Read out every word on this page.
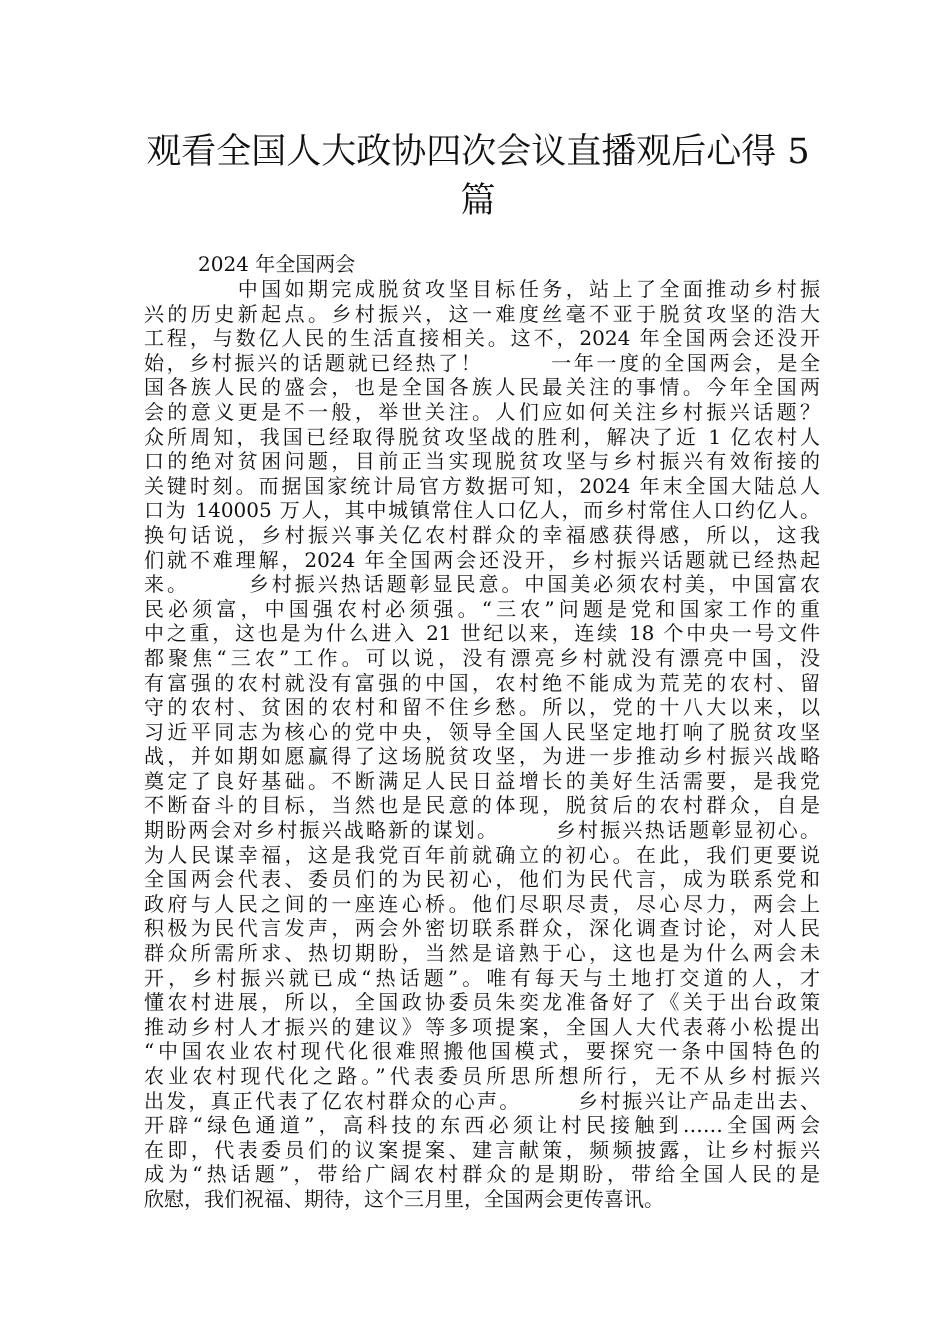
观看全国人大政协四次会议直播观后心得 5
篇
2024 年全国两会
　　　　中国如期完成脱贫攻坚目标任务，站上了全面推动乡村振
兴的历史新起点。乡村振兴，这一难度丝毫不亚于脱贫攻坚的浩大
工程，与数亿人民的生活直接相关。这不，2024 年全国两会还没开
始，乡村振兴的话题就已经热了！　　　一年一度的全国两会，是全
国各族人民的盛会，也是全国各族人民最关注的事情。今年全国两
会的意义更是不一般，举世关注。人们应如何关注乡村振兴话题？
众所周知，我国已经取得脱贫攻坚战的胜利，解决了近 1 亿农村人
口的绝对贫困问题，目前正当实现脱贫攻坚与乡村振兴有效衔接的
关键时刻。而据国家统计局官方数据可知，2024 年末全国大陆总人
口为 140005 万人，其中城镇常住人口亿人，而乡村常住人口约亿人。
换句话说，乡村振兴事关亿农村群众的幸福感获得感，所以，这我
们就不难理解，2024 年全国两会还没开，乡村振兴话题就已经热起
来。　　　乡村振兴热话题彰显民意。中国美必须农村美，中国富农
民必须富，中国强农村必须强。“三农”问题是党和国家工作的重
中之重，这也是为什么进入 21 世纪以来，连续 18 个中央一号文件
都聚焦“三农”工作。可以说，没有漂亮乡村就没有漂亮中国，没
有富强的农村就没有富强的中国，农村绝不能成为荒芜的农村、留
守的农村、贫困的农村和留不住乡愁。所以，党的十八大以来，以
习近平同志为核心的党中央，领导全国人民坚定地打响了脱贫攻坚
战，并如期如愿赢得了这场脱贫攻坚，为进一步推动乡村振兴战略
奠定了良好基础。不断满足人民日益增长的美好生活需要，是我党
不断奋斗的目标，当然也是民意的体现，脱贫后的农村群众，自是
期盼两会对乡村振兴战略新的谋划。　　　乡村振兴热话题彰显初心。
为人民谋幸福，这是我党百年前就确立的初心。在此，我们更要说
全国两会代表、委员们的为民初心，他们为民代言，成为联系党和
政府与人民之间的一座连心桥。他们尽职尽责，尽心尽力，两会上
积极为民代言发声，两会外密切联系群众，深化调查讨论，对人民
群众所需所求、热切期盼，当然是谙熟于心，这也是为什么两会未
开，乡村振兴就已成“热话题”。唯有每天与土地打交道的人，才
懂农村进展，所以，全国政协委员朱奕龙准备好了《关于出台政策
推动乡村人才振兴的建议》等多项提案，全国人大代表蒋小松提出
“中国农业农村现代化很难照搬他国模式，要探究一条中国特色的
农业农村现代化之路。”代表委员所思所想所行，无不从乡村振兴
出发，真正代表了亿农村群众的心声。　　　乡村振兴让产品走出去、
开辟“绿色通道”，高科技的东西必须让村民接触到……全国两会
在即，代表委员们的议案提案、建言献策，频频披露，让乡村振兴
成为“热话题”，带给广阔农村群众的是期盼，带给全国人民的是
欣慰，我们祝福、期待，这个三月里，全国两会更传喜讯。
